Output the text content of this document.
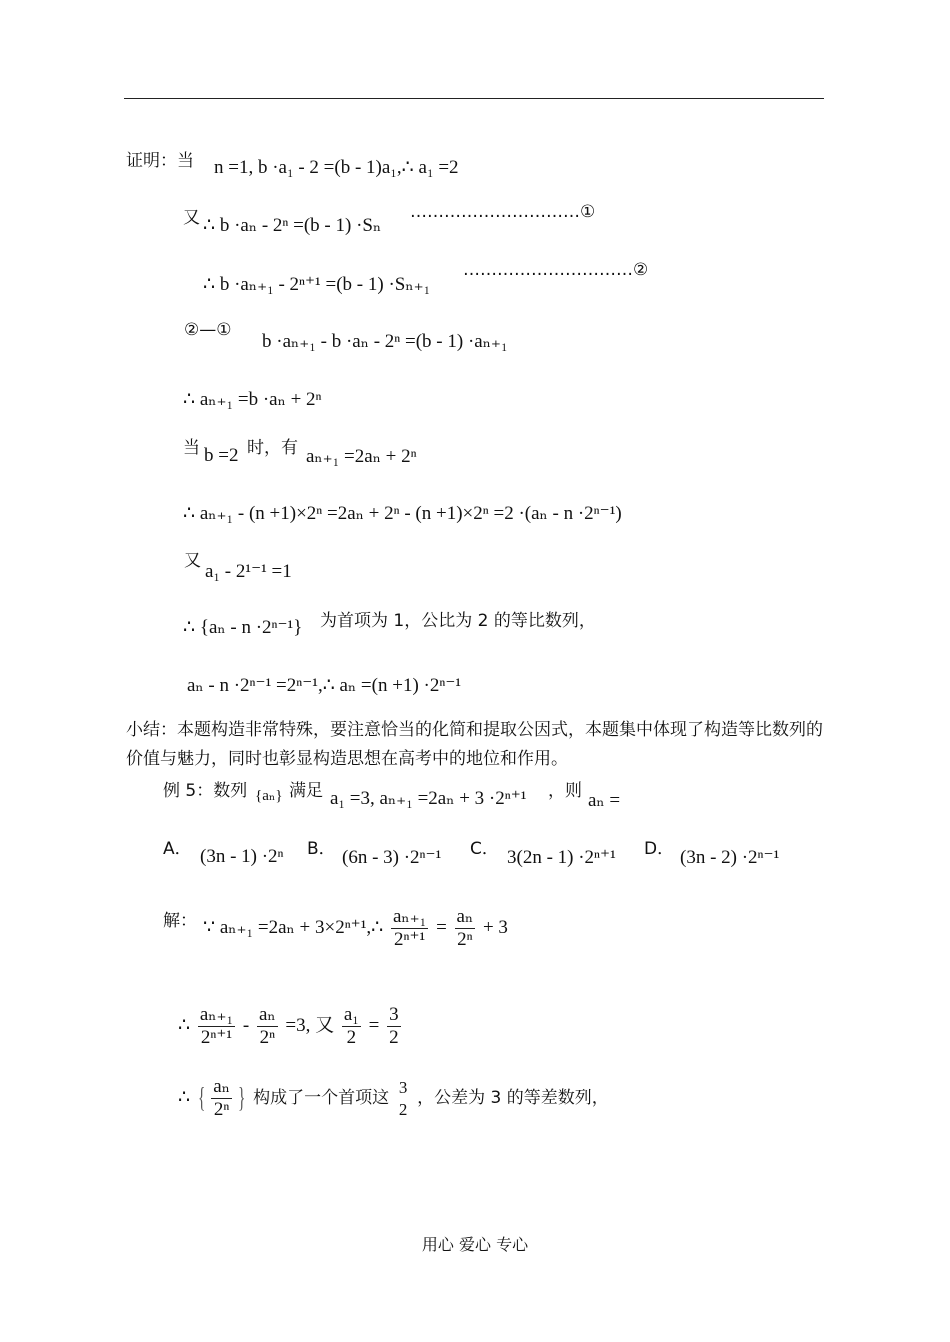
证明：当 n =1, b ·a₁ - 2 =(b - 1)a₁,∴ a₁ =2
又 ∴ b ·aₙ - 2ⁿ =(b - 1) ·Sₙ
…………………………①
∴ b ·aₙ₊₁ - 2ⁿ⁺¹ =(b - 1) ·Sₙ₊₁
…………………………②
②—①
b ·aₙ₊₁ - b ·aₙ - 2ⁿ =(b - 1) ·aₙ₊₁
∴ aₙ₊₁ =b ·aₙ + 2ⁿ
当 b =2 时，有 aₙ₊₁ =2aₙ + 2ⁿ
∴ aₙ₊₁ - (n +1)×2ⁿ =2aₙ + 2ⁿ - (n +1)×2ⁿ =2 ·(aₙ - n ·2ⁿ⁻¹)
又 a₁ - 2¹⁻¹ =1
∴ {aₙ - n ·2ⁿ⁻¹} 为首项为 1，公比为 2 的等比数列，
aₙ - n ·2ⁿ⁻¹ =2ⁿ⁻¹,∴ aₙ =(n +1) ·2ⁿ⁻¹
小结：本题构造非常特殊，要注意恰当的化简和提取公因式，本题集中体现了构造等比数列的价值与魅力，同时也彰显构造思想在高考中的地位和作用。
例 5：数列 {aₙ} 满足 a₁ =3, aₙ₊₁ =2aₙ + 3 ·2ⁿ⁺¹ ，则 aₙ =
A． (3n - 1) ·2ⁿ B． (6n - 3) ·2ⁿ⁻¹ C． 3(2n - 1) ·2ⁿ⁺¹ D． (3n - 2) ·2ⁿ⁻¹
解： ∵ aₙ₊₁ =2aₙ + 3×2ⁿ⁺¹,∴ $\frac{\text{aₙ₊₁}}{\text{2ⁿ⁺¹}} = \frac{\text{aₙ}}{\text{2ⁿ}} + 3$
∴ $\frac{\text{aₙ₊₁}}{\text{2ⁿ⁺¹}} - \frac{\text{aₙ}}{\text{2ⁿ}} =3$, 又 $\frac{\text{a₁}}{2} = \frac{3}{2}$
∴ { $\frac{\text{aₙ}}{\text{2ⁿ}}$ } 构成了一个首项这
3
2
，公差为 3 的等差数列，
用心 爱心 专心
